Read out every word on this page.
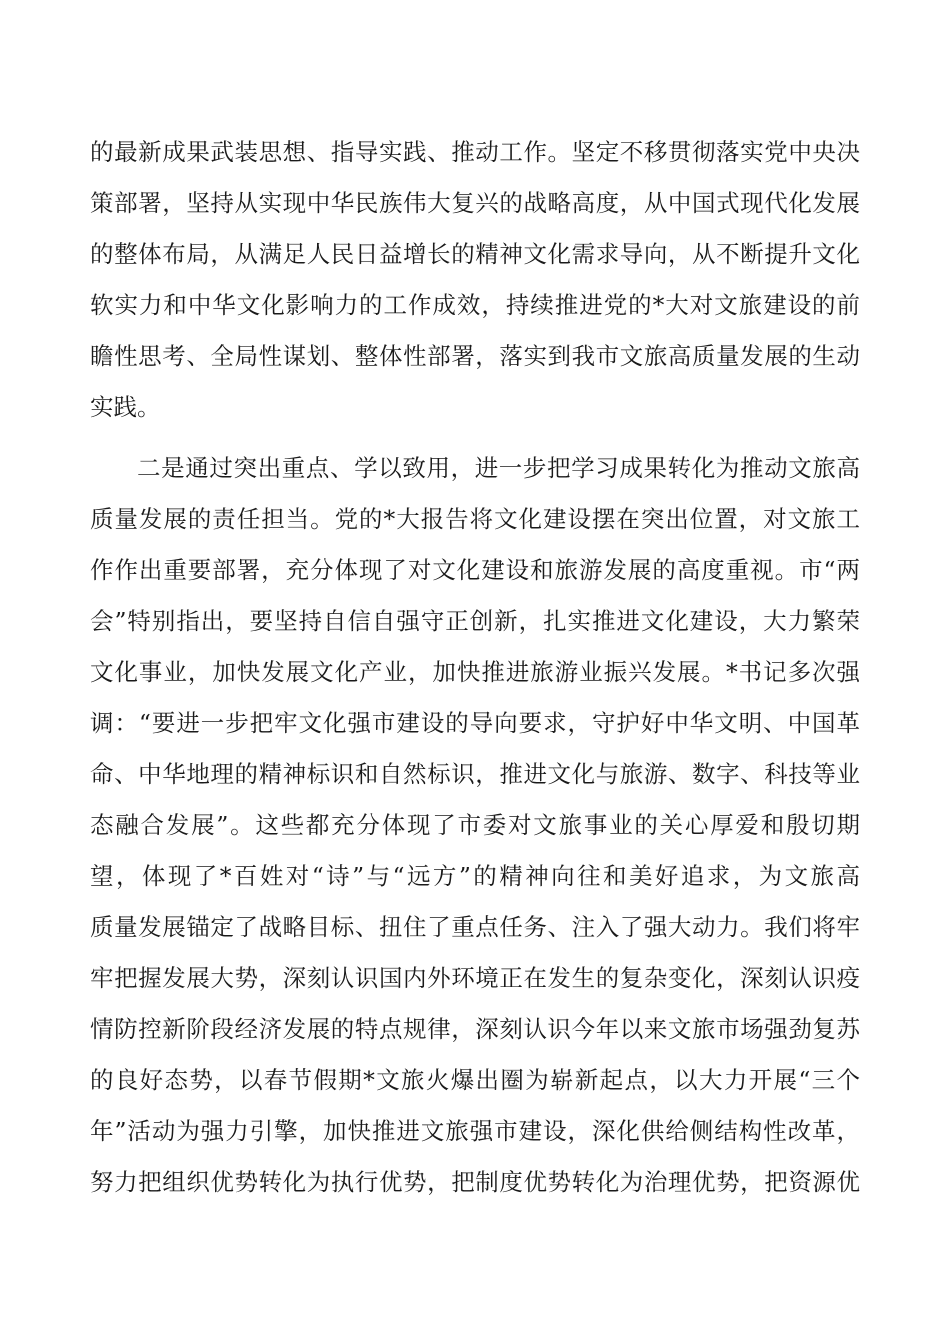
的最新成果武装思想、指导实践、推动工作。坚定不移贯彻落实党中央决
策部署，坚持从实现中华民族伟大复兴的战略高度，从中国式现代化发展
的整体布局，从满足人民日益增长的精神文化需求导向，从不断提升文化
软实力和中华文化影响力的工作成效，持续推进党的*大对文旅建设的前
瞻性思考、全局性谋划、整体性部署，落实到我市文旅高质量发展的生动
实践。
二是通过突出重点、学以致用，进一步把学习成果转化为推动文旅高
质量发展的责任担当。党的*大报告将文化建设摆在突出位置，对文旅工
作作出重要部署，充分体现了对文化建设和旅游发展的高度重视。市“两
会”特别指出，要坚持自信自强守正创新，扎实推进文化建设，大力繁荣
文化事业，加快发展文化产业，加快推进旅游业振兴发展。*书记多次强
调：“要进一步把牢文化强市建设的导向要求，守护好中华文明、中国革
命、中华地理的精神标识和自然标识，推进文化与旅游、数字、科技等业
态融合发展”。这些都充分体现了市委对文旅事业的关心厚爱和殷切期
望，体现了*百姓对“诗”与“远方”的精神向往和美好追求，为文旅高
质量发展锚定了战略目标、扭住了重点任务、注入了强大动力。我们将牢
牢把握发展大势，深刻认识国内外环境正在发生的复杂变化，深刻认识疫
情防控新阶段经济发展的特点规律，深刻认识今年以来文旅市场强劲复苏
的良好态势，以春节假期*文旅火爆出圈为崭新起点，以大力开展“三个
年”活动为强力引擎，加快推进文旅强市建设，深化供给侧结构性改革，
努力把组织优势转化为执行优势，把制度优势转化为治理优势，把资源优
